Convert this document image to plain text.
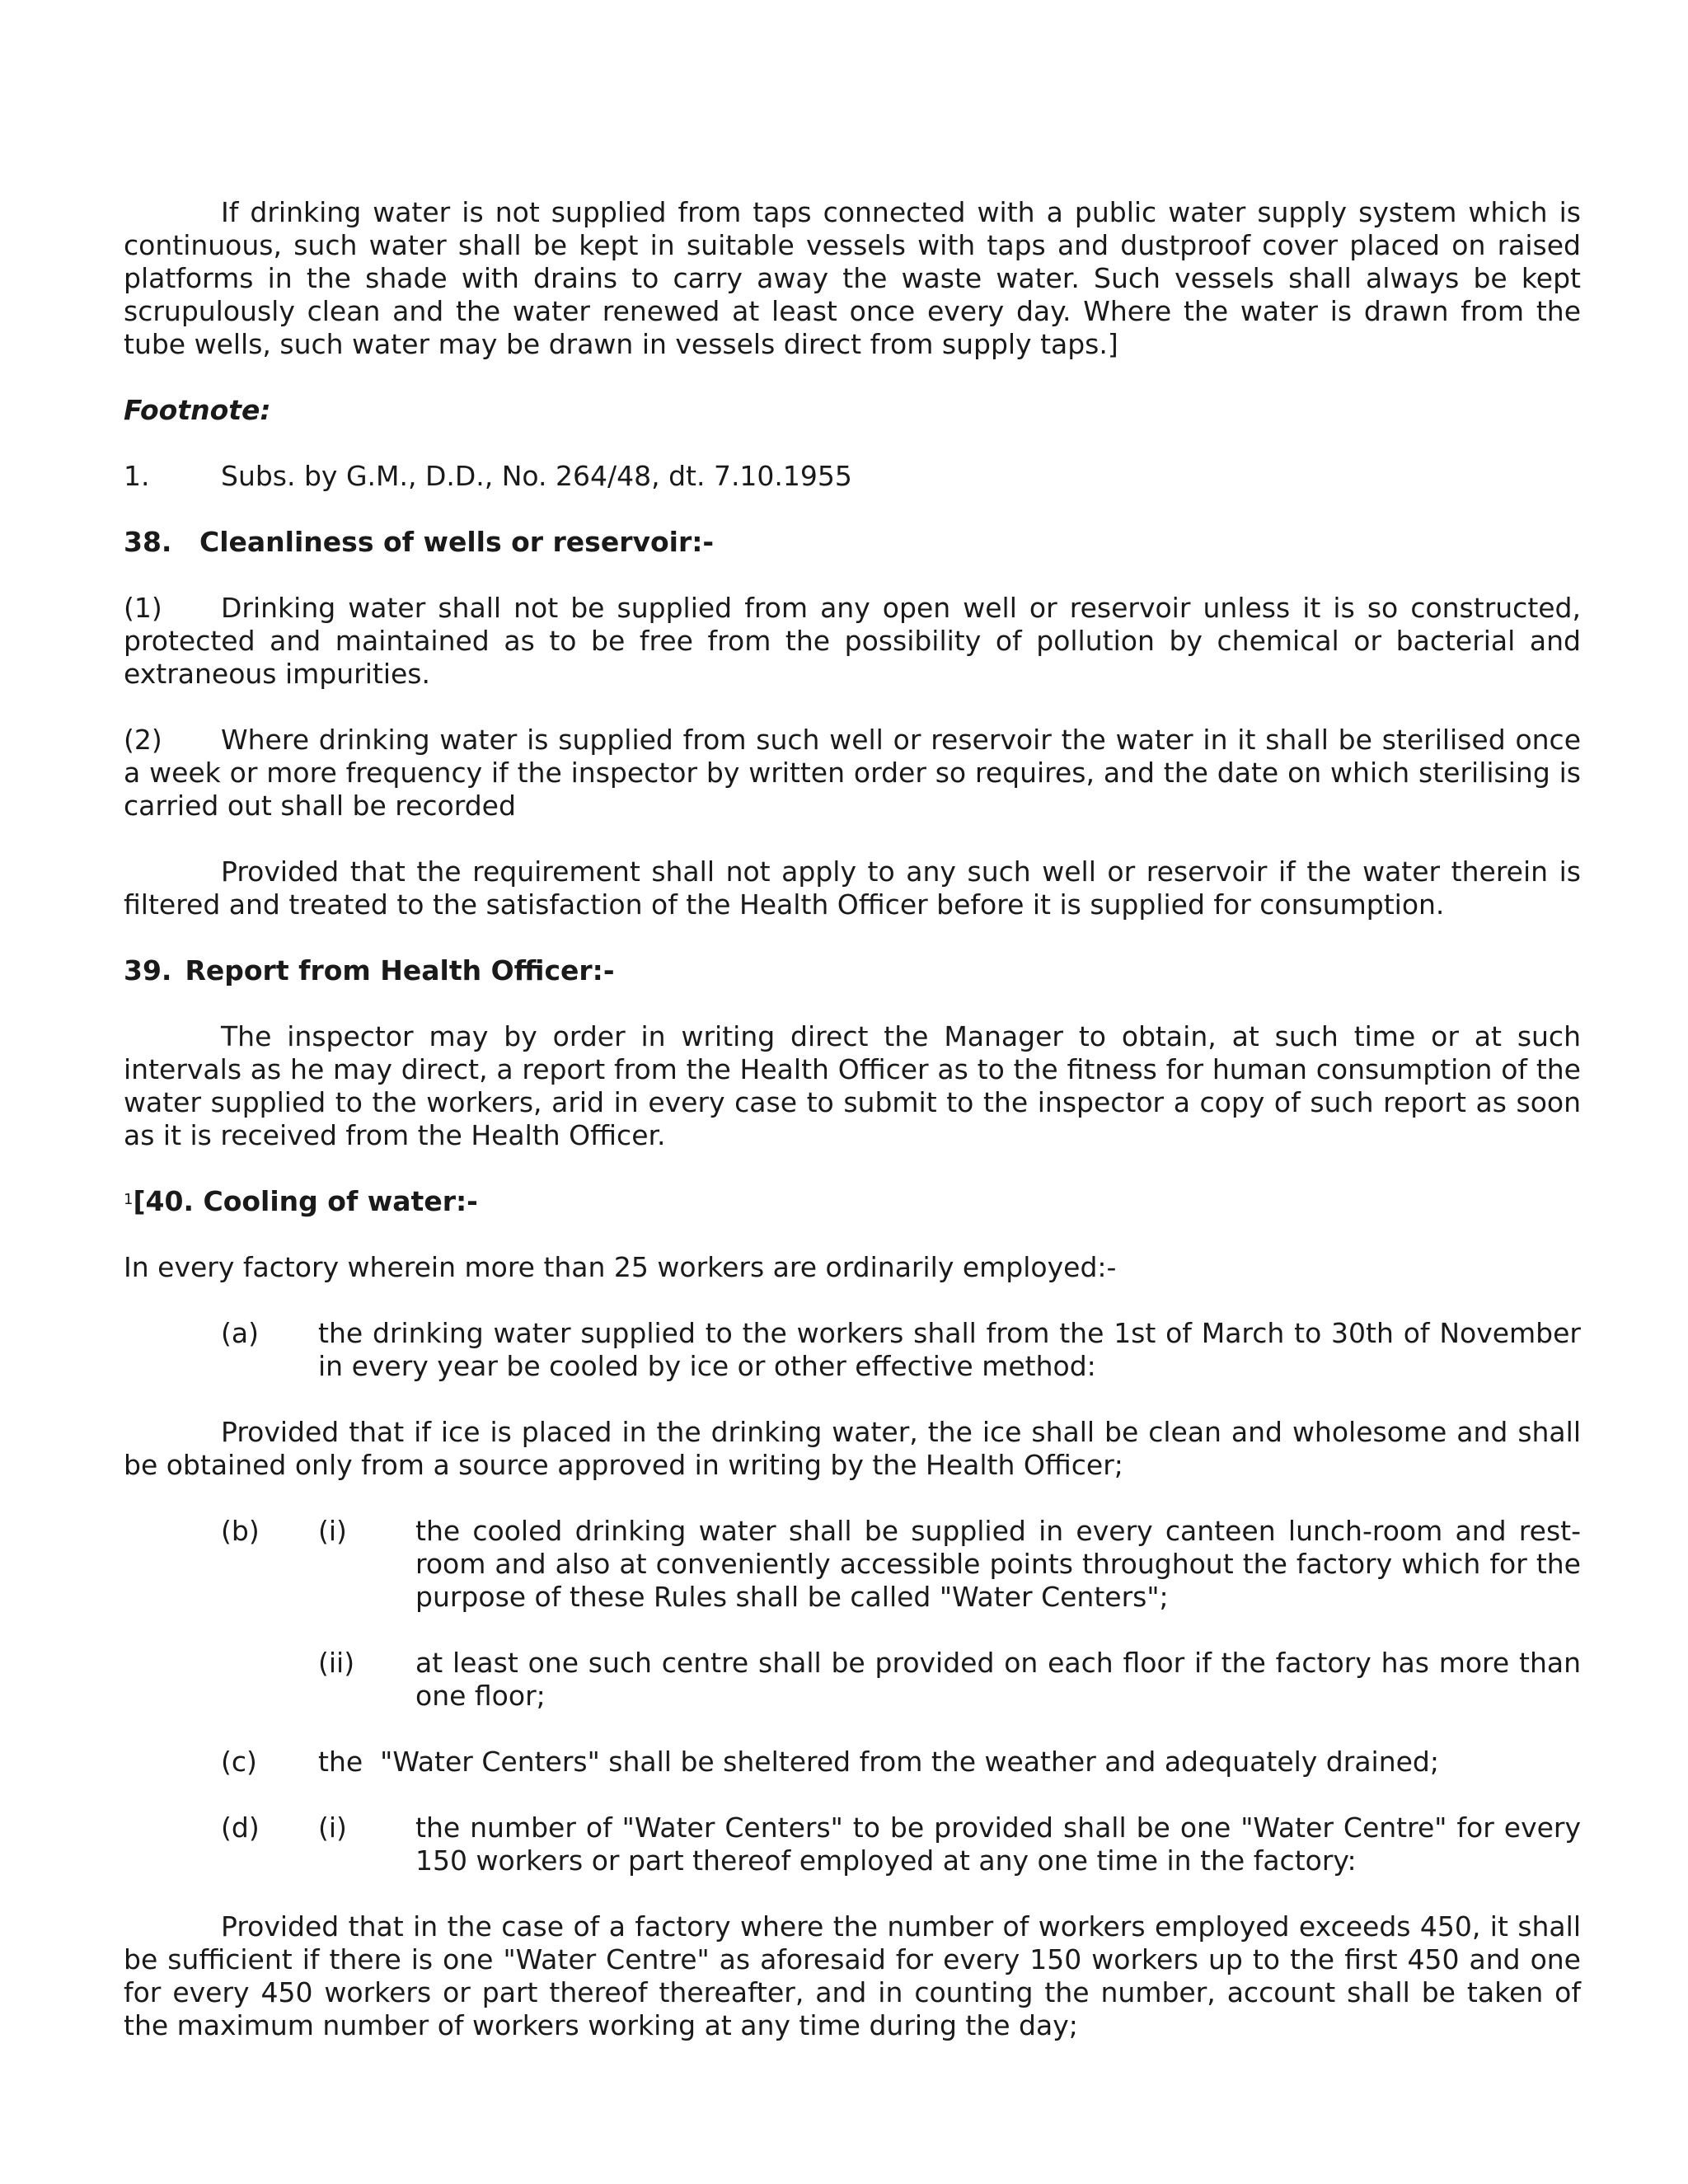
If drinking water is not supplied from taps connected with a public water supply system which is continuous, such water shall be kept in suitable vessels with taps and dustproof cover placed on raised platforms in the shade with drains to carry away the waste water. Such vessels shall always be kept scrupulously clean and the water renewed at least once every day. Where the water is drawn from the tube wells, such water may be drawn in vessels direct from supply taps.]

Footnote:

1.	Subs. by G.M., D.D., No. 264/48, dt. 7.10.1955

38. Cleanliness of wells or reservoir:-

(1)	Drinking water shall not be supplied from any open well or reservoir unless it is so constructed, protected and maintained as to be free from the possibility of pollution by chemical or bacterial and extraneous impurities.

(2)	Where drinking water is supplied from such well or reservoir the water in it shall be sterilised once a week or more frequency if the inspector by written order so requires, and the date on which sterilising is carried out shall be recorded

Provided that the requirement shall not apply to any such well or reservoir if the water therein is filtered and treated to the satisfaction of the Health Officer before it is supplied for consumption.

39. Report from Health Officer:-

The inspector may by order in writing direct the Manager to obtain, at such time or at such intervals as he may direct, a report from the Health Officer as to the fitness for human consumption of the water supplied to the workers, arid in every case to submit to the inspector a copy of such report as soon as it is received from the Health Officer.

$^1$[40. Cooling of water:-

In every factory wherein more than 25 workers are ordinarily employed:-

(a)	the drinking water supplied to the workers shall from the 1st of March to 30th of November in every year be cooled by ice or other effective method:

Provided that if ice is placed in the drinking water, the ice shall be clean and wholesome and shall be obtained only from a source approved in writing by the Health Officer;

(b)	(i)	the cooled drinking water shall be supplied in every canteen lunch-room and rest-room and also at conveniently accessible points throughout the factory which for the purpose of these Rules shall be called "Water Centers";
(ii)	at least one such centre shall be provided on each floor if the factory has more than one floor;
(c)	the  "Water Centers" shall be sheltered from the weather and adequately drained;
(d)	(i)	the number of "Water Centers" to be provided shall be one "Water Centre" for every 150 workers or part thereof employed at any one time in the factory:

Provided that in the case of a factory where the number of workers employed exceeds 450, it shall be sufficient if there is one "Water Centre" as aforesaid for every 150 workers up to the first 450 and one for every 450 workers or part thereof thereafter, and in counting the number, account shall be taken of the maximum number of workers working at any time during the day;
